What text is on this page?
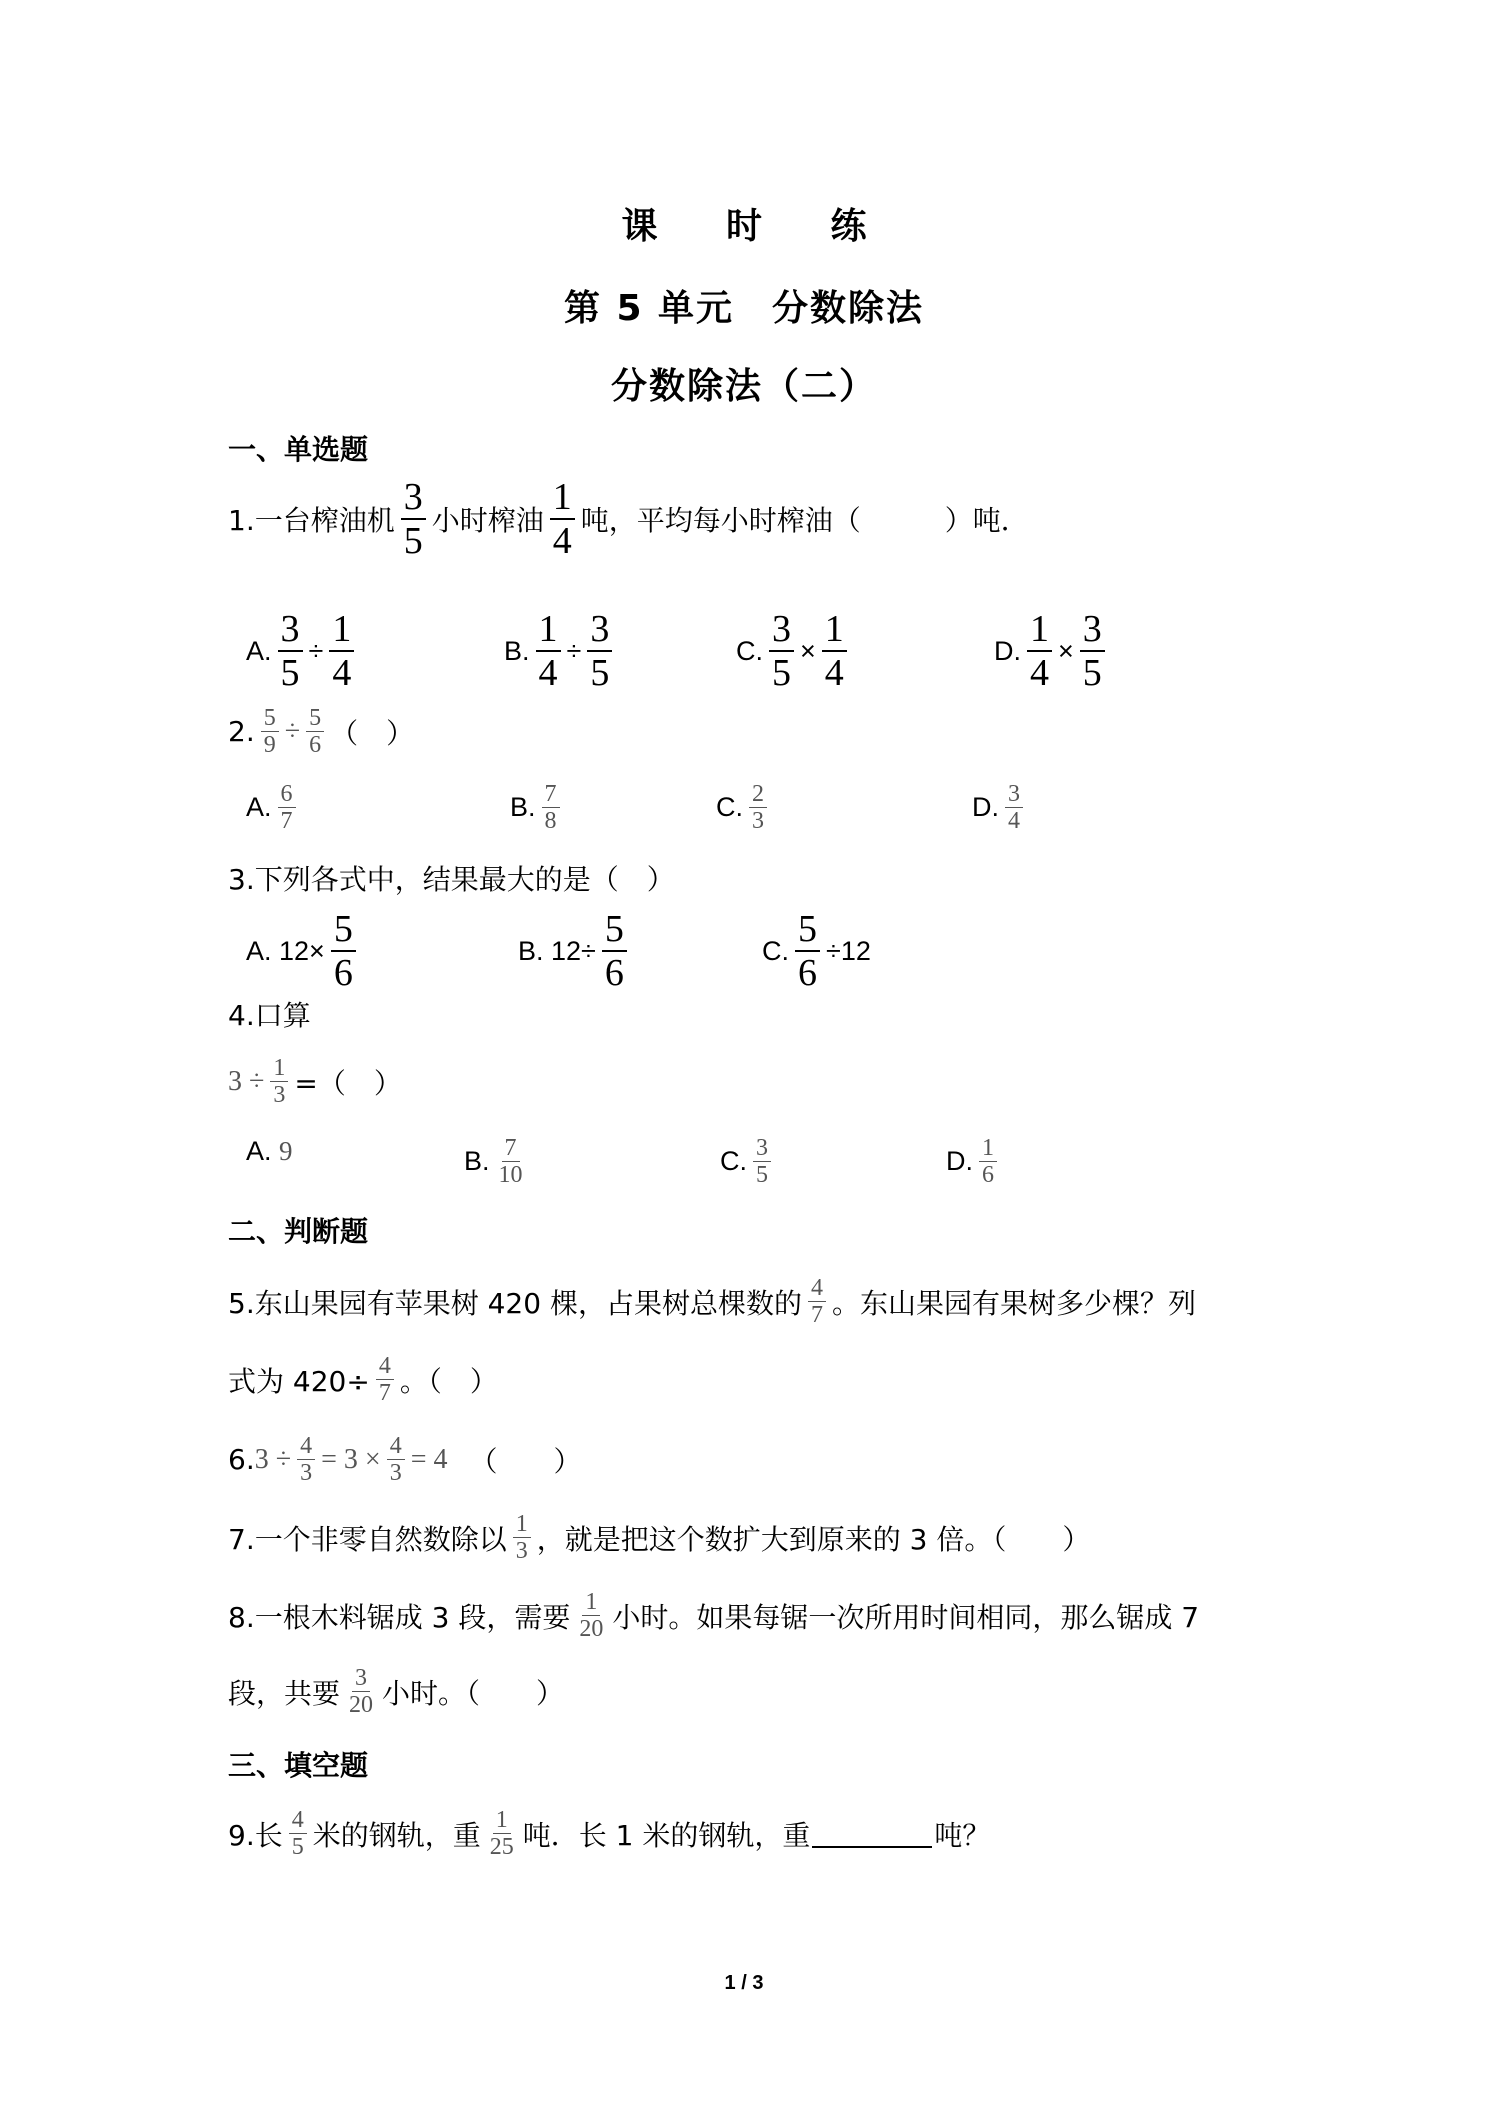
课 时 练
第 5 单元　分数除法
分数除法（二）
一、单选题
1.一台榨油机 $\frac{3}{5}$ 小时榨油 $\frac{1}{4}$ 吨，平均每小时榨油（　　　）吨．
A. $\frac{3}{5} \div \frac{1}{4}$	B. $\frac{1}{4} \div \frac{3}{5}$	C. $\frac{3}{5} \times \frac{1}{4}$	D. $\frac{1}{4} \times \frac{3}{5}$
2. $\frac{5}{9} \div \frac{5}{6}$ （　）
A. $\frac{6}{7}$	B. $\frac{7}{8}$	C. $\frac{2}{3}$	D. $\frac{3}{4}$
3.下列各式中，结果最大的是（　）
A. $12\times \frac{5}{6}$	B. $12\div \frac{5}{6}$	C. $\frac{5}{6} \div 12$
4.口算
$3 \div \frac{1}{3}$ =（　）
A.
9	B. $\frac{7}{10}$	C. $\frac{3}{5}$	D. $\frac{1}{6}$
二、判断题
5.东山果园有苹果树 420 棵，占果树总棵数的 $\frac{4}{7}$ 。东山果园有果树多少棵？列
式为 $420\div \frac{4}{7}$ 。（　）
6. $3 \div \frac{4}{3} = 3 \times \frac{4}{3} = 4$ （　　）
7.一个非零自然数除以 $\frac{1}{3}$ ，就是把这个数扩大到原来的 3 倍。（　　）
8.一根木料锯成 3 段，需要 $\frac{1}{20}$ 小时。如果每锯一次所用时间相同，那么锯成 7
段，共要 $\frac{3}{20}$ 小时。（　　）
三、填空题
9.长 $\frac{4}{5}$ 米的钢轨，重 $\frac{1}{25}$ 吨．长 1 米的钢轨，重	吨？
1 / 3
